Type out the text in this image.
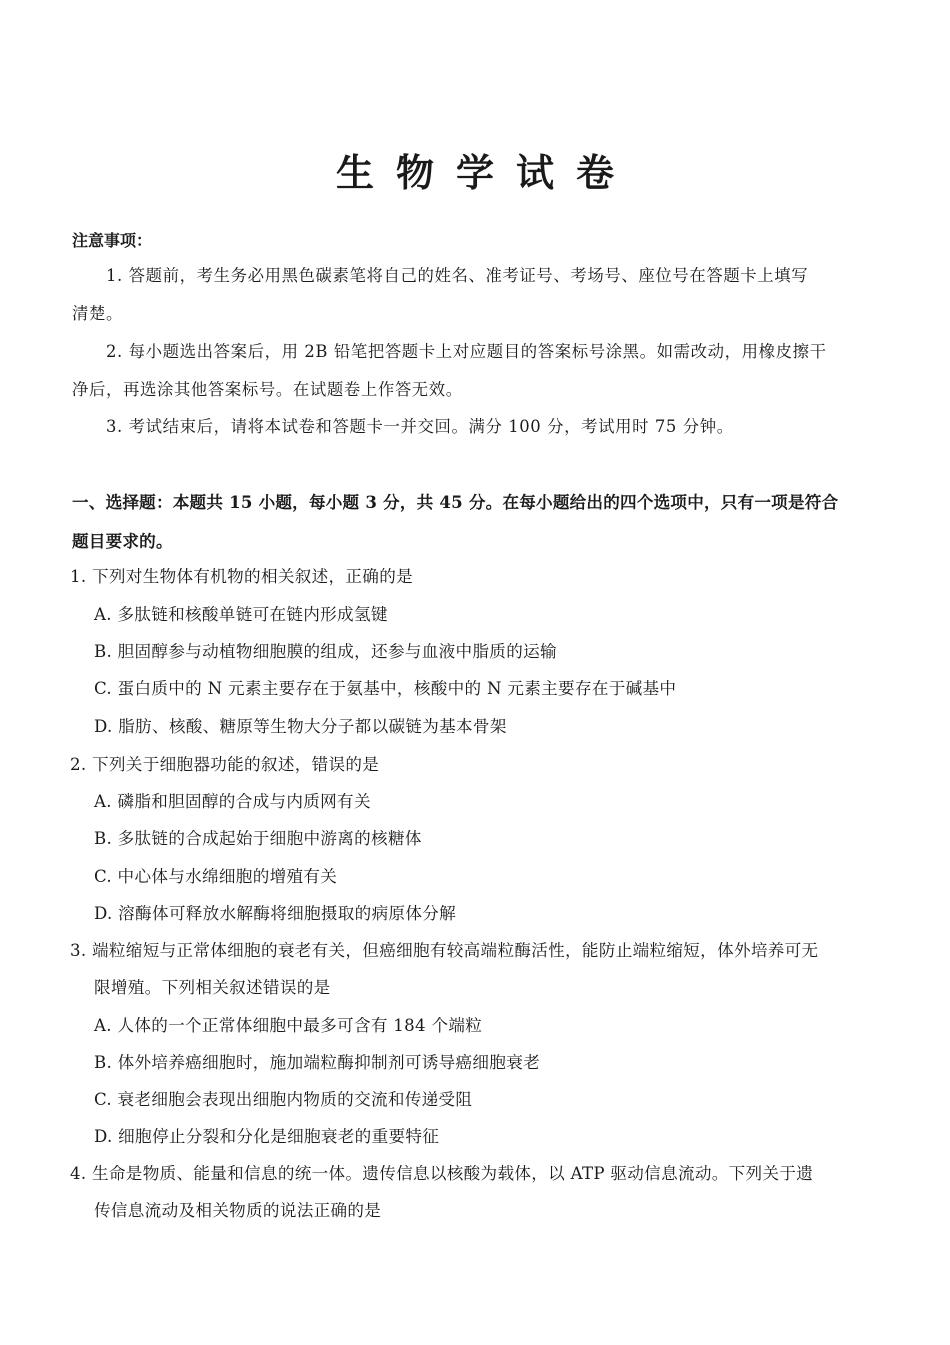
生物学试卷
注意事项：
1. 答题前，考生务必用黑色碳素笔将自己的姓名、准考证号、考场号、座位号在答题卡上填写
清楚。
2. 每小题选出答案后，用 2B 铅笔把答题卡上对应题目的答案标号涂黑。如需改动，用橡皮擦干
净后，再选涂其他答案标号。在试题卷上作答无效。
3. 考试结束后，请将本试卷和答题卡一并交回。满分 100 分，考试用时 75 分钟。
一、选择题：本题共 15 小题，每小题 3 分，共 45 分。在每小题给出的四个选项中，只有一项是符合
题目要求的。
1. 下列对生物体有机物的相关叙述，正确的是
A. 多肽链和核酸单链可在链内形成氢键
B. 胆固醇参与动植物细胞膜的组成，还参与血液中脂质的运输
C. 蛋白质中的 N 元素主要存在于氨基中，核酸中的 N 元素主要存在于碱基中
D. 脂肪、核酸、糖原等生物大分子都以碳链为基本骨架
2. 下列关于细胞器功能的叙述，错误的是
A. 磷脂和胆固醇的合成与内质网有关
B. 多肽链的合成起始于细胞中游离的核糖体
C. 中心体与水绵细胞的增殖有关
D. 溶酶体可释放水解酶将细胞摄取的病原体分解
3. 端粒缩短与正常体细胞的衰老有关，但癌细胞有较高端粒酶活性，能防止端粒缩短，体外培养可无
限增殖。下列相关叙述错误的是
A. 人体的一个正常体细胞中最多可含有 184 个端粒
B. 体外培养癌细胞时，施加端粒酶抑制剂可诱导癌细胞衰老
C. 衰老细胞会表现出细胞内物质的交流和传递受阻
D. 细胞停止分裂和分化是细胞衰老的重要特征
4. 生命是物质、能量和信息的统一体。遗传信息以核酸为载体，以 ATP 驱动信息流动。下列关于遗
传信息流动及相关物质的说法正确的是
